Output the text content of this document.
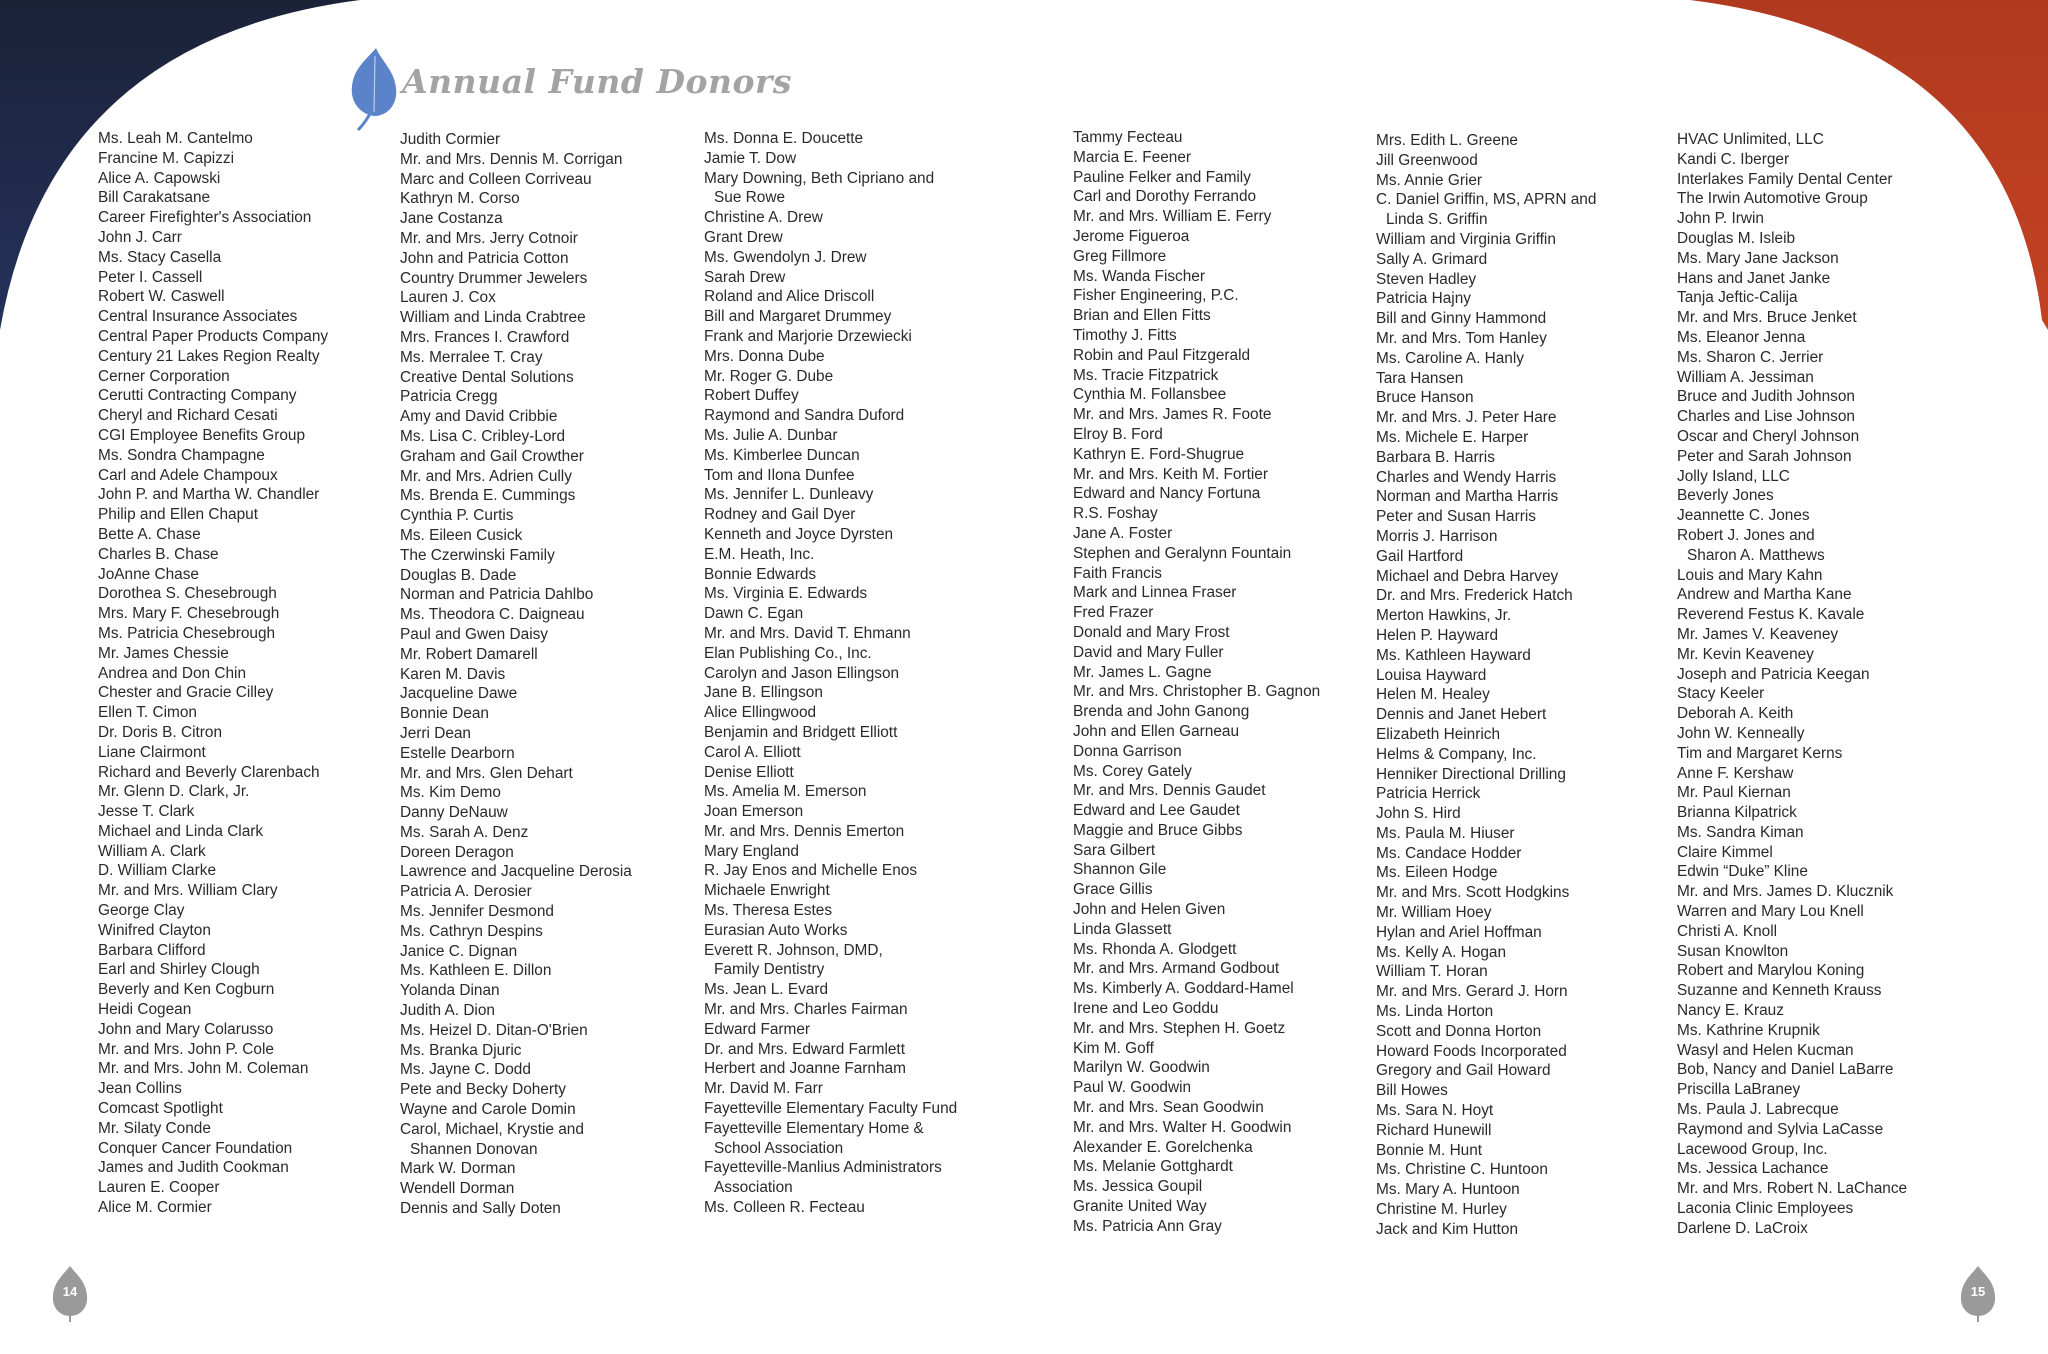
Annual Fund Donors
Ms. Leah M. Cantelmo
Francine M. Capizzi
Alice A. Capowski
Bill Carakatsane
Career Firefighter's Association
John J. Carr
Ms. Stacy Casella
Peter I. Cassell
Robert W. Caswell
Central Insurance Associates
Central Paper Products Company
Century 21 Lakes Region Realty
Cerner Corporation
Cerutti Contracting Company
Cheryl and Richard Cesati
CGI Employee Benefits Group
Ms. Sondra Champagne
Carl and Adele Champoux
John P. and Martha W. Chandler
Philip and Ellen Chaput
Bette A. Chase
Charles B. Chase
JoAnne Chase
Dorothea S. Chesebrough
Mrs. Mary F. Chesebrough
Ms. Patricia Chesebrough
Mr. James Chessie
Andrea and Don Chin
Chester and Gracie Cilley
Ellen T. Cimon
Dr. Doris B. Citron
Liane Clairmont
Richard and Beverly Clarenbach
Mr. Glenn D. Clark, Jr.
Jesse T. Clark
Michael and Linda Clark
William A. Clark
D. William Clarke
Mr. and Mrs. William Clary
George Clay
Winifred Clayton
Barbara Clifford
Earl and Shirley Clough
Beverly and Ken Cogburn
Heidi Cogean
John and Mary Colarusso
Mr. and Mrs. John P. Cole
Mr. and Mrs. John M. Coleman
Jean Collins
Comcast Spotlight
Mr. Silaty Conde
Conquer Cancer Foundation
James and Judith Cookman
Lauren E. Cooper
Alice M. Cormier
Judith Cormier
Mr. and Mrs. Dennis M. Corrigan
Marc and Colleen Corriveau
Kathryn M. Corso
Jane Costanza
Mr. and Mrs. Jerry Cotnoir
John and Patricia Cotton
Country Drummer Jewelers
Lauren J. Cox
William and Linda Crabtree
Mrs. Frances I. Crawford
Ms. Merralee T. Cray
Creative Dental Solutions
Patricia Cregg
Amy and David Cribbie
Ms. Lisa C. Cribley-Lord
Graham and Gail Crowther
Mr. and Mrs. Adrien Cully
Ms. Brenda E. Cummings
Cynthia P. Curtis
Ms. Eileen Cusick
The Czerwinski Family
Douglas B. Dade
Norman and Patricia Dahlbo
Ms. Theodora C. Daigneau
Paul and Gwen Daisy
Mr. Robert Damarell
Karen M. Davis
Jacqueline Dawe
Bonnie Dean
Jerri Dean
Estelle Dearborn
Mr. and Mrs. Glen Dehart
Ms. Kim Demo
Danny DeNauw
Ms. Sarah A. Denz
Doreen Deragon
Lawrence and Jacqueline Derosia
Patricia A. Derosier
Ms. Jennifer Desmond
Ms. Cathryn Despins
Janice C. Dignan
Ms. Kathleen E. Dillon
Yolanda Dinan
Judith A. Dion
Ms. Heizel D. Ditan-O'Brien
Ms. Branka Djuric
Ms. Jayne C. Dodd
Pete and Becky Doherty
Wayne and Carole Domin
Carol, Michael, Krystie and
Shannen Donovan
Mark W. Dorman
Wendell Dorman
Dennis and Sally Doten
Ms. Donna E. Doucette
Jamie T. Dow
Mary Downing, Beth Cipriano and
Sue Rowe
Christine A. Drew
Grant Drew
Ms. Gwendolyn J. Drew
Sarah Drew
Roland and Alice Driscoll
Bill and Margaret Drummey
Frank and Marjorie Drzewiecki
Mrs. Donna Dube
Mr. Roger G. Dube
Robert Duffey
Raymond and Sandra Duford
Ms. Julie A. Dunbar
Ms. Kimberlee Duncan
Tom and Ilona Dunfee
Ms. Jennifer L. Dunleavy
Rodney and Gail Dyer
Kenneth and Joyce Dyrsten
E.M. Heath, Inc.
Bonnie Edwards
Ms. Virginia E. Edwards
Dawn C. Egan
Mr. and Mrs. David T. Ehmann
Elan Publishing Co., Inc.
Carolyn and Jason Ellingson
Jane B. Ellingson
Alice Ellingwood
Benjamin and Bridgett Elliott
Carol A. Elliott
Denise Elliott
Ms. Amelia M. Emerson
Joan Emerson
Mr. and Mrs. Dennis Emerton
Mary England
R. Jay Enos and Michelle Enos
Michaele Enwright
Ms. Theresa Estes
Eurasian Auto Works
Everett R. Johnson, DMD,
Family Dentistry
Ms. Jean L. Evard
Mr. and Mrs. Charles Fairman
Edward Farmer
Dr. and Mrs. Edward Farmlett
Herbert and Joanne Farnham
Mr. David M. Farr
Fayetteville Elementary Faculty Fund
Fayetteville Elementary Home &
School Association
Fayetteville-Manlius Administrators
Association
Ms. Colleen R. Fecteau
Tammy Fecteau
Marcia E. Feener
Pauline Felker and Family
Carl and Dorothy Ferrando
Mr. and Mrs. William E. Ferry
Jerome Figueroa
Greg Fillmore
Ms. Wanda Fischer
Fisher Engineering, P.C.
Brian and Ellen Fitts
Timothy J. Fitts
Robin and Paul Fitzgerald
Ms. Tracie Fitzpatrick
Cynthia M. Follansbee
Mr. and Mrs. James R. Foote
Elroy B. Ford
Kathryn E. Ford-Shugrue
Mr. and Mrs. Keith M. Fortier
Edward and Nancy Fortuna
R.S. Foshay
Jane A. Foster
Stephen and Geralynn Fountain
Faith Francis
Mark and Linnea Fraser
Fred Frazer
Donald and Mary Frost
David and Mary Fuller
Mr. James L. Gagne
Mr. and Mrs. Christopher B. Gagnon
Brenda and John Ganong
John and Ellen Garneau
Donna Garrison
Ms. Corey Gately
Mr. and Mrs. Dennis Gaudet
Edward and Lee Gaudet
Maggie and Bruce Gibbs
Sara Gilbert
Shannon Gile
Grace Gillis
John and Helen Given
Linda Glassett
Ms. Rhonda A. Glodgett
Mr. and Mrs. Armand Godbout
Ms. Kimberly A. Goddard-Hamel
Irene and Leo Goddu
Mr. and Mrs. Stephen H. Goetz
Kim M. Goff
Marilyn W. Goodwin
Paul W. Goodwin
Mr. and Mrs. Sean Goodwin
Mr. and Mrs. Walter H. Goodwin
Alexander E. Gorelchenka
Ms. Melanie Gottghardt
Ms. Jessica Goupil
Granite United Way
Ms. Patricia Ann Gray
Mrs. Edith L. Greene
Jill Greenwood
Ms. Annie Grier
C. Daniel Griffin, MS, APRN and
Linda S. Griffin
William and Virginia Griffin
Sally A. Grimard
Steven Hadley
Patricia Hajny
Bill and Ginny Hammond
Mr. and Mrs. Tom Hanley
Ms. Caroline A. Hanly
Tara Hansen
Bruce Hanson
Mr. and Mrs. J. Peter Hare
Ms. Michele E. Harper
Barbara B. Harris
Charles and Wendy Harris
Norman and Martha Harris
Peter and Susan Harris
Morris J. Harrison
Gail Hartford
Michael and Debra Harvey
Dr. and Mrs. Frederick Hatch
Merton Hawkins, Jr.
Helen P. Hayward
Ms. Kathleen Hayward
Louisa Hayward
Helen M. Healey
Dennis and Janet Hebert
Elizabeth Heinrich
Helms & Company, Inc.
Henniker Directional Drilling
Patricia Herrick
John S. Hird
Ms. Paula M. Hiuser
Ms. Candace Hodder
Ms. Eileen Hodge
Mr. and Mrs. Scott Hodgkins
Mr. William Hoey
Hylan and Ariel Hoffman
Ms. Kelly A. Hogan
William T. Horan
Mr. and Mrs. Gerard J. Horn
Ms. Linda Horton
Scott and Donna Horton
Howard Foods Incorporated
Gregory and Gail Howard
Bill Howes
Ms. Sara N. Hoyt
Richard Hunewill
Bonnie M. Hunt
Ms. Christine C. Huntoon
Ms. Mary A. Huntoon
Christine M. Hurley
Jack and Kim Hutton
HVAC Unlimited, LLC
Kandi C. Iberger
Interlakes Family Dental Center
The Irwin Automotive Group
John P. Irwin
Douglas M. Isleib
Ms. Mary Jane Jackson
Hans and Janet Janke
Tanja Jeftic-Calija
Mr. and Mrs. Bruce Jenket
Ms. Eleanor Jenna
Ms. Sharon C. Jerrier
William A. Jessiman
Bruce and Judith Johnson
Charles and Lise Johnson
Oscar and Cheryl Johnson
Peter and Sarah Johnson
Jolly Island, LLC
Beverly Jones
Jeannette C. Jones
Robert J. Jones and
Sharon A. Matthews
Louis and Mary Kahn
Andrew and Martha Kane
Reverend Festus K. Kavale
Mr. James V. Keaveney
Mr. Kevin Keaveney
Joseph and Patricia Keegan
Stacy Keeler
Deborah A. Keith
John W. Kenneally
Tim and Margaret Kerns
Anne F. Kershaw
Mr. Paul Kiernan
Brianna Kilpatrick
Ms. Sandra Kiman
Claire Kimmel
Edwin “Duke” Kline
Mr. and Mrs. James D. Klucznik
Warren and Mary Lou Knell
Christi A. Knoll
Susan Knowlton
Robert and Marylou Koning
Suzanne and Kenneth Krauss
Nancy E. Krauz
Ms. Kathrine Krupnik
Wasyl and Helen Kucman
Bob, Nancy and Daniel LaBarre
Priscilla LaBraney
Ms. Paula J. Labrecque
Raymond and Sylvia LaCasse
Lacewood Group, Inc.
Ms. Jessica Lachance
Mr. and Mrs. Robert N. LaChance
Laconia Clinic Employees
Darlene D. LaCroix
14	15
